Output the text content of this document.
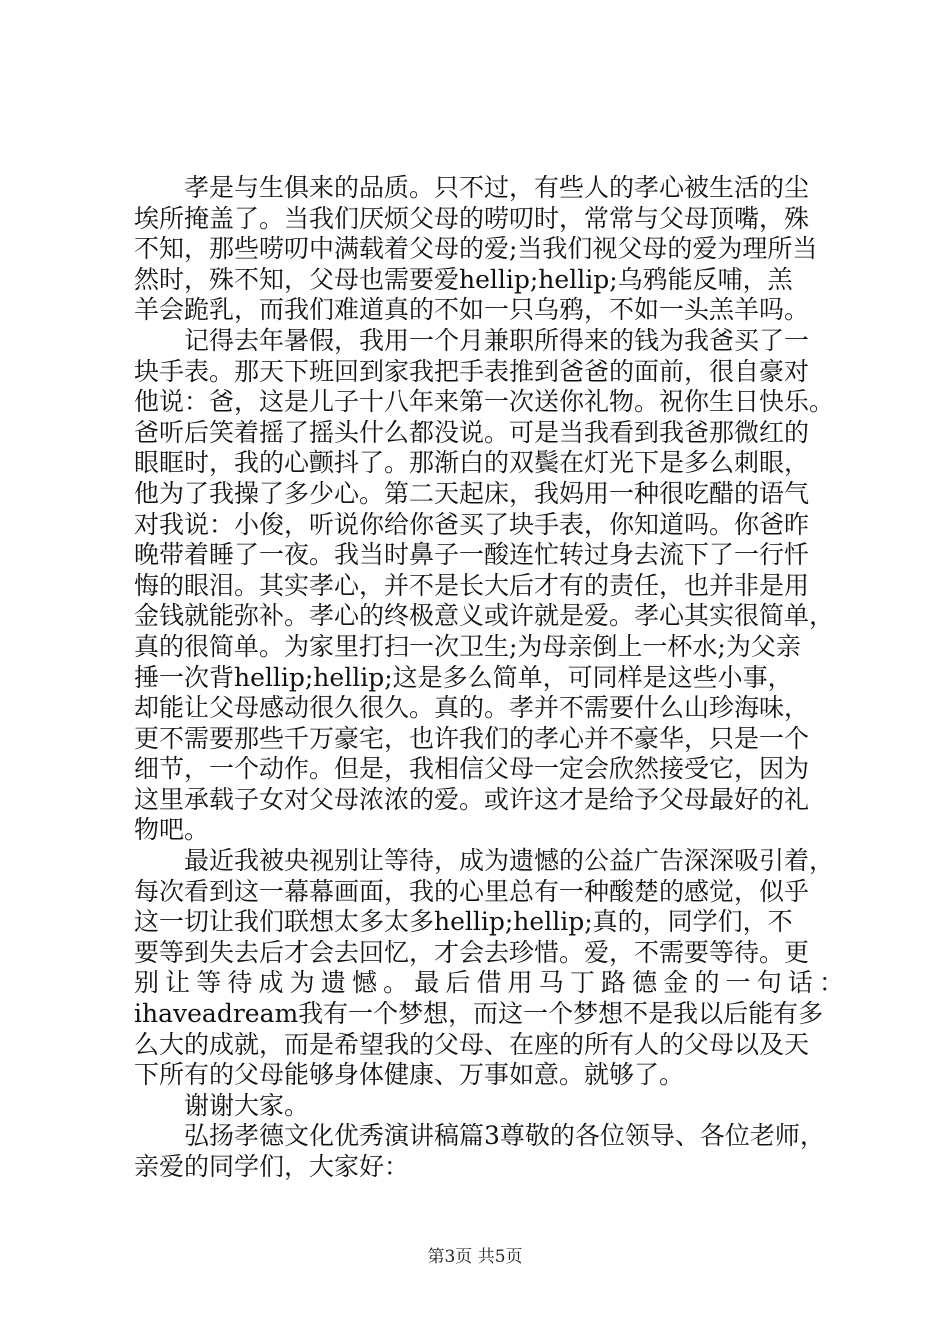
孝是与生俱来的品质。只不过，有些人的孝心被生活的尘
埃所掩盖了。当我们厌烦父母的唠叨时，常常与父母顶嘴，殊
不知，那些唠叨中满载着父母的爱;当我们视父母的爱为理所当
然时，殊不知，父母也需要爱hellip;hellip;乌鸦能反哺，羔
羊会跪乳，而我们难道真的不如一只乌鸦，不如一头羔羊吗。
记得去年暑假，我用一个月兼职所得来的钱为我爸买了一
块手表。那天下班回到家我把手表推到爸爸的面前，很自豪对
他说：爸，这是儿子十八年来第一次送你礼物。祝你生日快乐。
爸听后笑着摇了摇头什么都没说。可是当我看到我爸那微红的
眼眶时，我的心颤抖了。那渐白的双鬓在灯光下是多么刺眼，
他为了我操了多少心。第二天起床，我妈用一种很吃醋的语气
对我说：小俊，听说你给你爸买了块手表，你知道吗。你爸昨
晚带着睡了一夜。我当时鼻子一酸连忙转过身去流下了一行忏
悔的眼泪。其实孝心，并不是长大后才有的责任，也并非是用
金钱就能弥补。孝心的终极意义或许就是爱。孝心其实很简单，
真的很简单。为家里打扫一次卫生;为母亲倒上一杯水;为父亲
捶一次背hellip;hellip;这是多么简单，可同样是这些小事，
却能让父母感动很久很久。真的。孝并不需要什么山珍海味，
更不需要那些千万豪宅，也许我们的孝心并不豪华，只是一个
细节，一个动作。但是，我相信父母一定会欣然接受它，因为
这里承载子女对父母浓浓的爱。或许这才是给予父母最好的礼
物吧。
最近我被央视别让等待，成为遗憾的公益广告深深吸引着，
每次看到这一幕幕画面，我的心里总有一种酸楚的感觉，似乎
这一切让我们联想太多太多hellip;hellip;真的，同学们，不
要等到失去后才会去回忆，才会去珍惜。爱，不需要等待。更
别让等待成为遗憾。最后借用马丁路德金的一句话：
ihaveadream我有一个梦想，而这一个梦想不是我以后能有多
么大的成就，而是希望我的父母、在座的所有人的父母以及天
下所有的父母能够身体健康、万事如意。就够了。
谢谢大家。
弘扬孝德文化优秀演讲稿篇3尊敬的各位领导、各位老师，
亲爱的同学们，大家好：
第3页 共5页
